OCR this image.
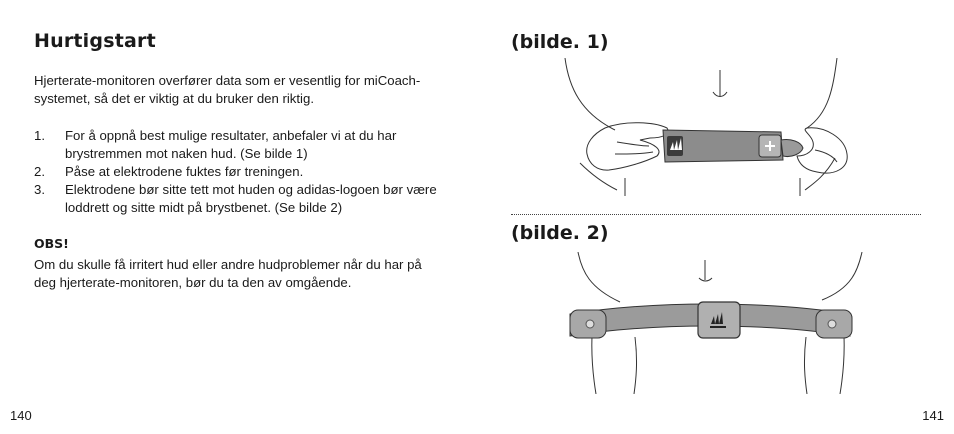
Hurtigstart
Hjerterate-monitoren overfører data som er vesentlig for miCoach-systemet, så det er viktig at du bruker den riktig.
1. For å oppnå best mulige resultater, anbefaler vi at du har brystremmen mot naken hud. (Se bilde 1)
2. Påse at elektrodene fuktes før treningen.
3. Elektrodene bør sitte tett mot huden og adidas-logoen bør være loddrett og sitte midt på brystbenet. (Se bilde 2)
OBS!
Om du skulle få irritert hud eller andre hudproblemer når du har på deg hjerterate-monitoren, bør du ta den av omgående.
140
(bilde. 1)
(bilde. 2)
141
